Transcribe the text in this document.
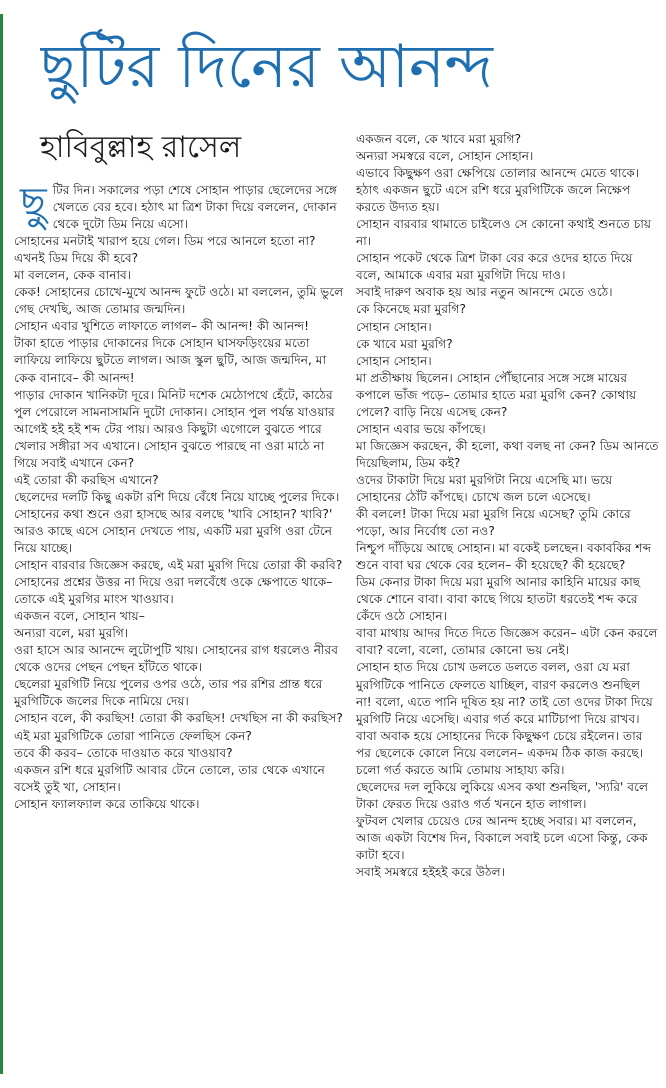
ছুটির দিনের আনন্দ
হাবিবুল্লাহ রাসেল
ছু টির দিন। সকালের পড়া শেষে সোহান পাড়ার ছেলেদের সঙ্গে খেলতে বের হবে। হঠাৎ মা ত্রিশ টাকা দিয়ে বললেন, দোকান থেকে দুটো ডিম নিয়ে এসো।

সোহানের মনটাই খারাপ হয়ে গেল। ডিম পরে আনলে হতো না? এখনই ডিম দিয়ে কী হবে?

মা বললেন, কেক বানাব।

কেক! সোহানের চোখে-মুখে আনন্দ ফুটে ওঠে। মা বললেন, তুমি ভুলে গেছ দেখছি, আজ তোমার জন্মদিন।

সোহান এবার খুশিতে লাফাতে লাগল– কী আনন্দ! কী আনন্দ!

টাকা হাতে পাড়ার দোকানের দিকে সোহান ঘাসফড়িংয়ের মতো লাফিয়ে লাফিয়ে ছুটতে লাগল। আজ স্কুল ছুটি, আজ জন্মদিন, মা কেক বানাবে– কী আনন্দ!

পাড়ার দোকান খানিকটা দূরে। মিনিট দশেক মেঠোপথে হেঁটে, কাঠের পুল পেরোলে সামনাসামনি দুটো দোকান। সোহান পুল পর্যন্ত যাওয়ার আগেই হই হই শব্দ টের পায়। আরও কিছুটা এগোলে বুঝতে পারে খেলার সঙ্গীরা সব এখানে। সোহান বুঝতে পারছে না ওরা মাঠে না গিয়ে সবাই এখানে কেন?

এই তোরা কী করছিস এখানে?

ছেলেদের দলটি কিছু একটা রশি দিয়ে বেঁধে নিয়ে যাচ্ছে পুলের দিকে। সোহানের কথা শুনে ওরা হাসছে আর বলছে 'খাবি সোহান? খাবি?'

আরও কাছে এসে সোহান দেখতে পায়, একটি মরা মুরগি ওরা টেনে নিয়ে যাচ্ছে।

সোহান বারবার জিজ্ঞেস করছে, এই মরা মুরগি দিয়ে তোরা কী করবি?

সোহানের প্রশ্নের উত্তর না দিয়ে ওরা দলবেঁধে ওকে ক্ষেপাতে থাকে– তোকে এই মুরগির মাংস খাওয়াব।

একজন বলে, সোহান খায়–

অন্যরা বলে, মরা মুরগি।

ওরা হাসে আর আনন্দে লুটোপুটি খায়। সোহানের রাগ ধরলেও নীরব থেকে ওদের পেছন পেছন হাঁটতে থাকে।

ছেলেরা মুরগিটি নিয়ে পুলের ওপর ওঠে, তার পর রশির প্রান্ত ধরে মুরগিটিকে জলের দিকে নামিয়ে দেয়।

সোহান বলে, কী করছিস! তোরা কী করছিস! দেখছিস না কী করছিস?

এই মরা মুরগিটিকে তোরা পানিতে ফেলছিস কেন?

তবে কী করব– তোকে দাওয়াত করে খাওয়াব?

একজন রশি ধরে মুরগিটি আবার টেনে তোলে, তার থেকে এখানে বসেই তুই খা, সোহান।

সোহান ফ্যালফ্যাল করে তাকিয়ে থাকে।

একজন বলে, কে খাবে মরা মুরগি?

অন্যরা সমস্বরে বলে, সোহান সোহান।

এভাবে কিছুক্ষণ ওরা ক্ষেপিয়ে তোলার আনন্দে মেতে থাকে। হঠাৎ একজন ছুটে এসে রশি ধরে মুরগিটিকে জলে নিক্ষেপ করতে উদ্যত হয়।

সোহান বারবার থামাতে চাইলেও সে কোনো কথাই শুনতে চায় না।

সোহান পকেট থেকে ত্রিশ টাকা বের করে ওদের হাতে দিয়ে বলে, আমাকে এবার মরা মুরগিটা দিয়ে দাও।

সবাই দারুণ অবাক হয় আর নতুন আনন্দে মেতে ওঠে।

কে কিনেছে মরা মুরগি?

সোহান সোহান।

কে খাবে মরা মুরগি?

সোহান সোহান।

মা প্রতীক্ষায় ছিলেন। সোহান পৌঁছানোর সঙ্গে সঙ্গে মায়ের কপালে ভাঁজ পড়ে– তোমার হাতে মরা মুরগি কেন? কোথায় পেলে? বাড়ি নিয়ে এসেছ কেন?

সোহান এবার ভয়ে কাঁপছে।

মা জিজ্ঞেস করছেন, কী হলো, কথা বলছ না কেন? ডিম আনতে দিয়েছিলাম, ডিম কই?

ওদের টাকাটা দিয়ে মরা মুরগিটা নিয়ে এসেছি মা। ভয়ে সোহানের ঠোঁট কাঁপছে। চোখে জল চলে এসেছে।

কী বললে! টাকা দিয়ে মরা মুরগি নিয়ে এসেছ? তুমি কোরে পড়ো, আর নির্বোধ তো নও?

নিশ্চুপ দাঁড়িয়ে আছে সোহান। মা বকেই চলছেন। বকাবকির শব্দ শুনে বাবা ঘর থেকে বের হলেন– কী হয়েছে? কী হয়েছে?

ডিম কেনার টাকা দিয়ে মরা মুরগি আনার কাহিনি মায়ের কাছ থেকে শোনে বাবা। বাবা কাছে গিয়ে হাতটা ধরতেই শব্দ করে কেঁদে ওঠে সোহান।

বাবা মাথায় আদর দিতে দিতে জিজ্ঞেস করেন– এটা কেন করলে বাবা? বলো, বলো, তোমার কোনো ভয় নেই।

সোহান হাত দিয়ে চোখ ডলতে ডলতে বলল, ওরা যে মরা মুরগিটিকে পানিতে ফেলতে যাচ্ছিল, বারণ করলেও শুনছিল না! বলো, এতে পানি দূষিত হয় না? তাই তো ওদের টাকা দিয়ে মুরগিটি নিয়ে এসেছি। এবার গর্ত করে মাটিচাপা দিয়ে রাখব।

বাবা অবাক হয়ে সোহানের দিকে কিছুক্ষণ চেয়ে রইলেন। তার পর ছেলেকে কোলে নিয়ে বললেন– একদম ঠিক কাজ করছে। চলো গর্ত করতে আমি তোমায় সাহায্য করি।

ছেলেদের দল লুকিয়ে লুকিয়ে এসব কথা শুনছিল, 'স্যরি' বলে টাকা ফেরত দিয়ে ওরাও গর্ত খননে হাত লাগাল।

ফুটবল খেলার চেয়েও ঢের আনন্দ হচ্ছে সবার। মা বললেন, আজ একটা বিশেষ দিন, বিকালে সবাই চলে এসো কিন্তু, কেক কাটা হবে।

সবাই সমস্বরে হইহই করে উঠল।
